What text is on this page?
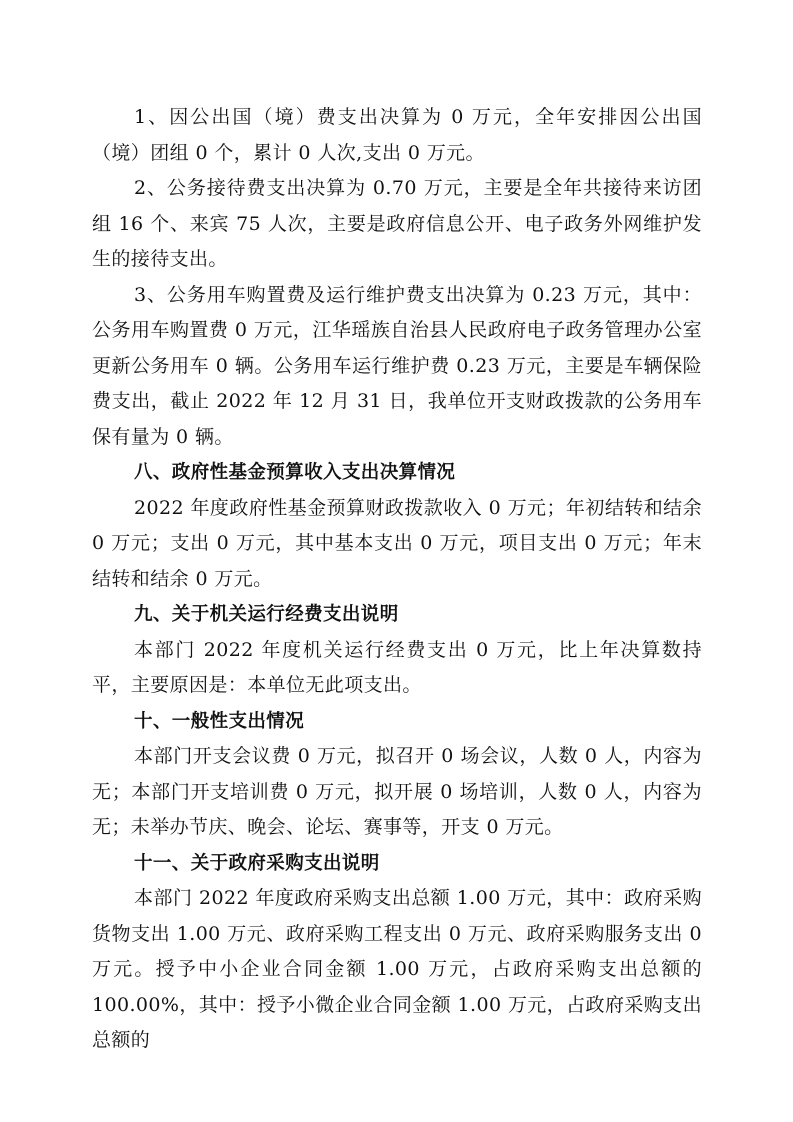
1、因公出国（境）费支出决算为 0 万元，全年安排因公出国（境）团组 0 个，累计 0 人次,支出 0 万元。

2、公务接待费支出决算为 0.70 万元，主要是全年共接待来访团组 16 个、来宾 75 人次，主要是政府信息公开、电子政务外网维护发生的接待支出。

3、公务用车购置费及运行维护费支出决算为 0.23 万元，其中：公务用车购置费 0 万元，江华瑶族自治县人民政府电子政务管理办公室更新公务用车 0 辆。公务用车运行维护费 0.23 万元，主要是车辆保险费支出，截止 2022 年 12 月 31 日，我单位开支财政拨款的公务用车保有量为 0 辆。

八、政府性基金预算收入支出决算情况

2022 年度政府性基金预算财政拨款收入 0 万元；年初结转和结余 0 万元；支出 0 万元，其中基本支出 0 万元，项目支出 0 万元；年末结转和结余 0 万元。

九、关于机关运行经费支出说明

本部门 2022 年度机关运行经费支出 0 万元，比上年决算数持平，主要原因是：本单位无此项支出。

十、一般性支出情况

本部门开支会议费 0 万元，拟召开 0 场会议，人数 0 人，内容为无；本部门开支培训费 0 万元，拟开展 0 场培训，人数 0 人，内容为无；未举办节庆、晚会、论坛、赛事等，开支 0 万元。

十一、关于政府采购支出说明

本部门 2022 年度政府采购支出总额 1.00 万元，其中：政府采购货物支出 1.00 万元、政府采购工程支出 0 万元、政府采购服务支出 0 万元。授予中小企业合同金额 1.00 万元，占政府采购支出总额的 100.00%，其中：授予小微企业合同金额 1.00 万元，占政府采购支出总额的
